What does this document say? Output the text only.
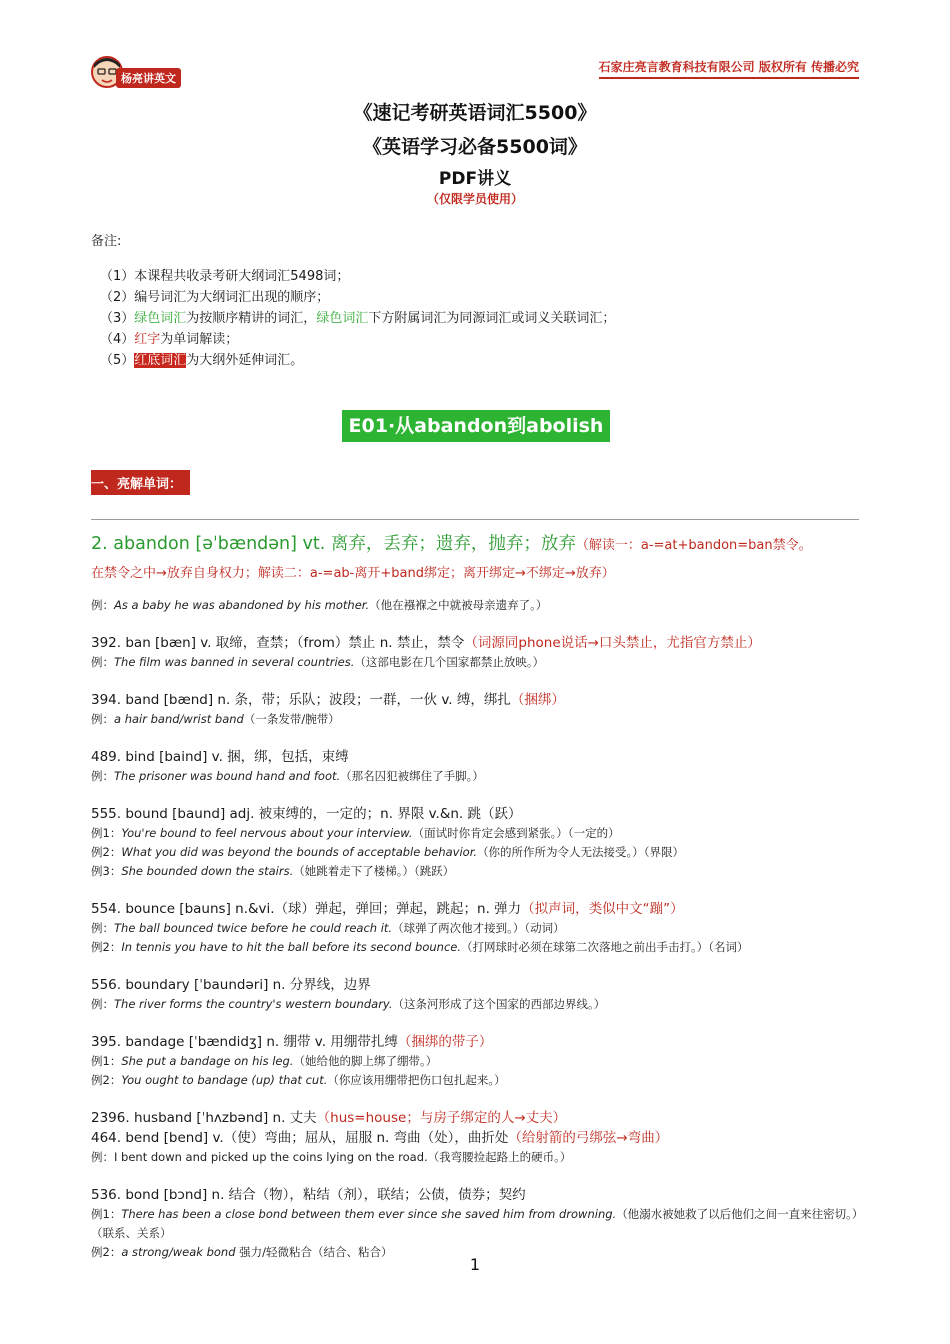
杨亮讲英文
石家庄亮言教育科技有限公司 版权所有 传播必究
《速记考研英语词汇5500》
《英语学习必备5500词》
PDF讲义
（仅限学员使用）
备注:
（1）本课程共收录考研大纲词汇5498词；
（2）编号词汇为大纲词汇出现的顺序；
（3）绿色词汇为按顺序精讲的词汇，绿色词汇下方附属词汇为同源词汇或词义关联词汇；
（4）红字为单词解读；
（5）红底词汇为大纲外延伸词汇。
E01·从abandon到abolish
一、亮解单词：
2. abandon [əˈbændən] vt. 离弃，丢弃；遗弃，抛弃；放弃（解读一：a-=at+bandon=ban禁令。
在禁令之中→放弃自身权力；解读二：a-=ab-离开+band绑定；离开绑定→不绑定→放弃）
例：As a baby he was abandoned by his mother.（他在襁褓之中就被母亲遗弃了。）
392. ban [bæn] v. 取缔，查禁；（from）禁止 n. 禁止，禁令（词源同phone说话→口头禁止，尤指官方禁止）
例：The film was banned in several countries.（这部电影在几个国家都禁止放映。）
394. band [bænd] n. 条，带；乐队；波段；一群，一伙 v. 缚，绑扎（捆绑）
例：a hair band/wrist band（一条发带/腕带）
489. bind [baind] v. 捆，绑，包括，束缚
例：The prisoner was bound hand and foot.（那名囚犯被绑住了手脚。）
555. bound [baund] adj. 被束缚的，一定的；n. 界限 v.&n. 跳（跃）
例1：You're bound to feel nervous about your interview.（面试时你肯定会感到紧张。）（一定的）
例2：What you did was beyond the bounds of acceptable behavior.（你的所作所为令人无法接受。）（界限）
例3：She bounded down the stairs.（她跳着走下了楼梯。）（跳跃）
554. bounce [bauns] n.&vi.（球）弹起，弹回；弹起，跳起；n. 弹力（拟声词，类似中文“蹦”）
例：The ball bounced twice before he could reach it.（球弹了两次他才接到。）（动词）
例2：In tennis you have to hit the ball before its second bounce.（打网球时必须在球第二次落地之前出手击打。）（名词）
556. boundary [ˈbaundəri] n. 分界线，边界
例：The river forms the country's western boundary.（这条河形成了这个国家的西部边界线。）
395. bandage [ˈbændidʒ] n. 绷带 v. 用绷带扎缚（捆绑的带子）
例1：She put a bandage on his leg.（她给他的脚上绑了绷带。）
例2：You ought to bandage (up) that cut.（你应该用绷带把伤口包扎起来。）
2396. husband [ˈhʌzbənd] n. 丈夫（hus=house；与房子绑定的人→丈夫）
464. bend [bend] v.（使）弯曲；屈从，屈服 n. 弯曲（处），曲折处（给射箭的弓绑弦→弯曲）
例：I bent down and picked up the coins lying on the road.（我弯腰捡起路上的硬币。）
536. bond [bɔnd] n. 结合（物），粘结（剂），联结；公债，债券；契约
例1：There has been a close bond between them ever since she saved him from drowning.（他溺水被她救了以后他们之间一直来往密切。）（联系、关系）
例2：a strong/weak bond 强力/轻微粘合（结合、粘合）
1
